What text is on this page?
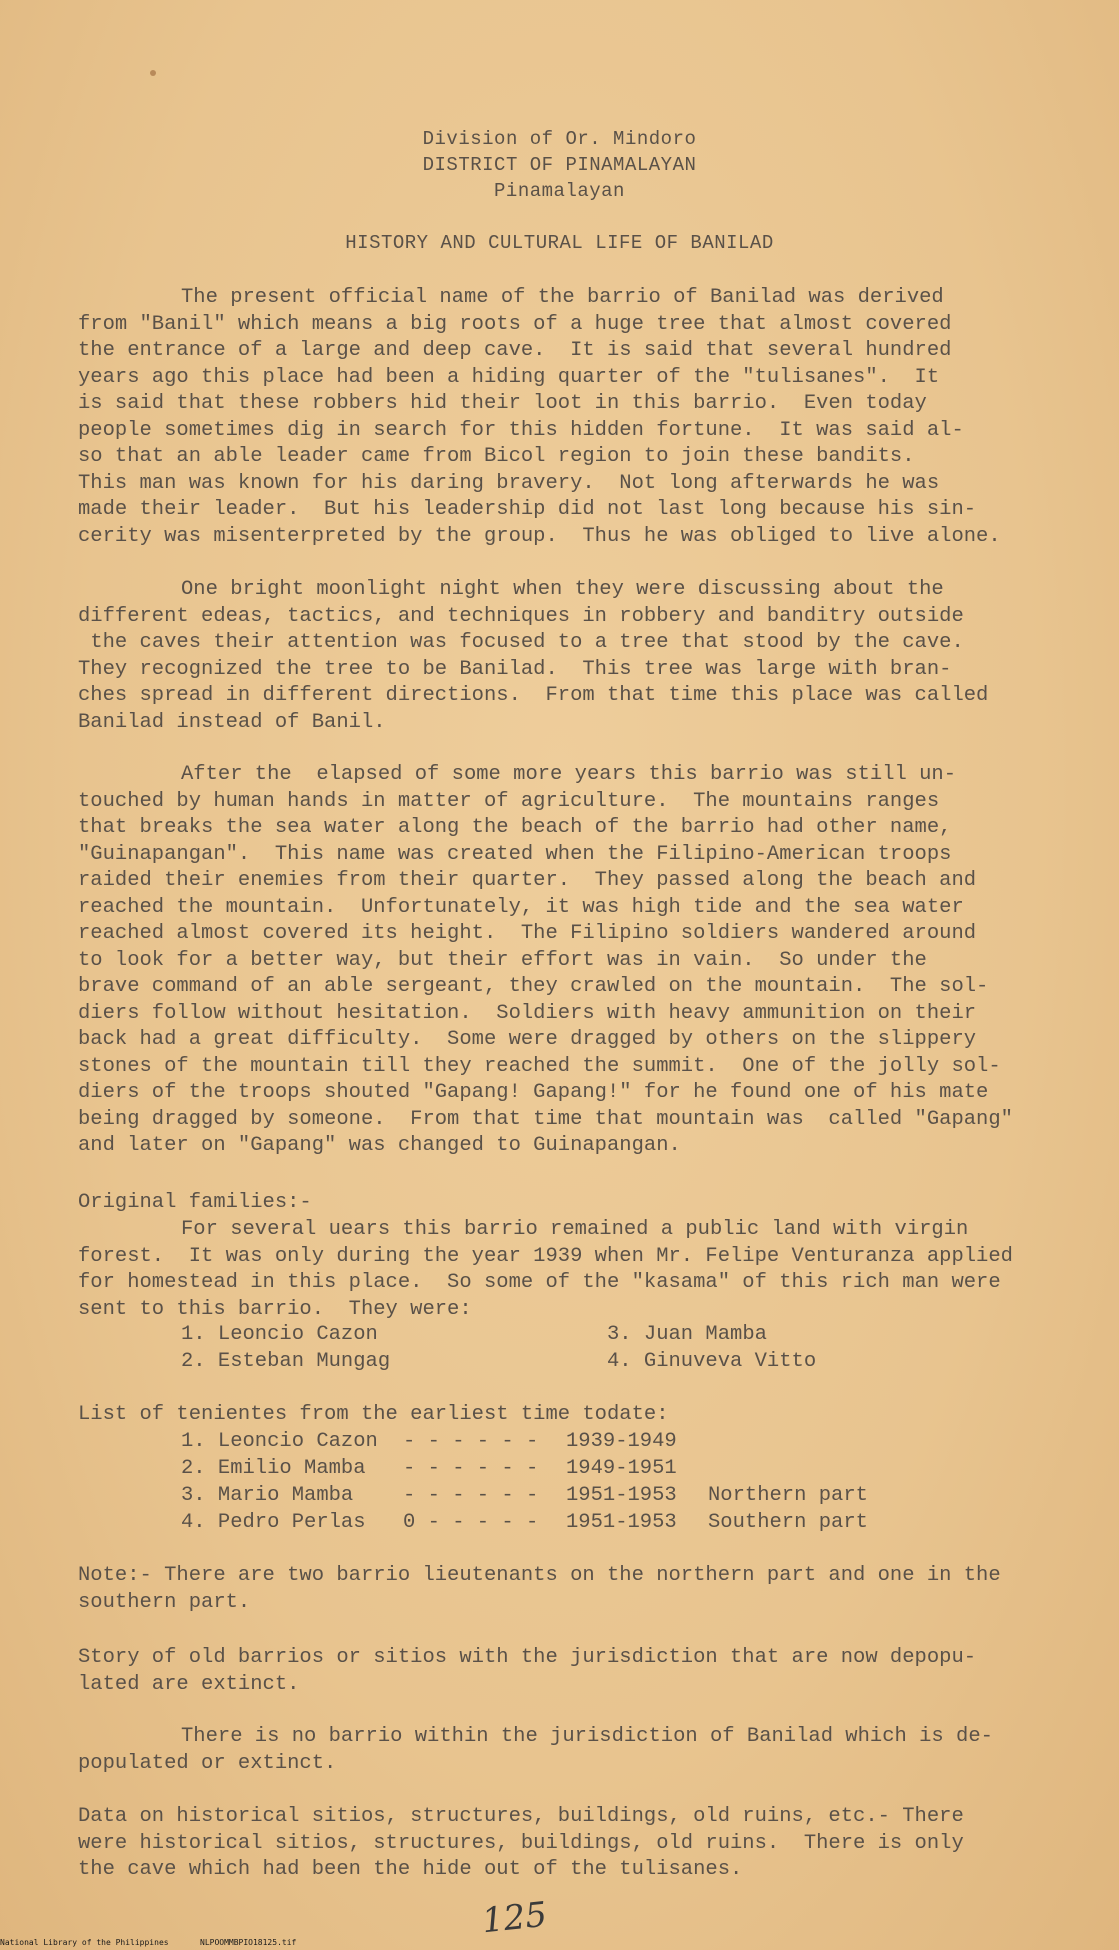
Division of Or. Mindoro
DISTRICT OF PINAMALAYAN
Pinamalayan
HISTORY AND CULTURAL LIFE OF BANILAD
The present official name of the barrio of Banilad was derived
from "Banil" which means a big roots of a huge tree that almost covered
the entrance of a large and deep cave.  It is said that several hundred
years ago this place had been a hiding quarter of the "tulisanes".  It
is said that these robbers hid their loot in this barrio.  Even today
people sometimes dig in search for this hidden fortune.  It was said al-
so that an able leader came from Bicol region to join these bandits.
This man was known for his daring bravery.  Not long afterwards he was
made their leader.  But his leadership did not last long because his sin-
cerity was misenterpreted by the group.  Thus he was obliged to live alone.
One bright moonlight night when they were discussing about the
different edeas, tactics, and techniques in robbery and banditry outside
the caves their attention was focused to a tree that stood by the cave.
They recognized the tree to be Banilad.  This tree was large with bran-
ches spread in different directions.  From that time this place was called
Banilad instead of Banil.
After the  elapsed of some more years this barrio was still un-
touched by human hands in matter of agriculture.  The mountains ranges
that breaks the sea water along the beach of the barrio had other name,
"Guinapangan".  This name was created when the Filipino-American troops
raided their enemies from their quarter.  They passed along the beach and
reached the mountain.  Unfortunately, it was high tide and the sea water
reached almost covered its height.  The Filipino soldiers wandered around
to look for a better way, but their effort was in vain.  So under the
brave command of an able sergeant, they crawled on the mountain.  The sol-
diers follow without hesitation.  Soldiers with heavy ammunition on their
back had a great difficulty.  Some were dragged by others on the slippery
stones of the mountain till they reached the summit.  One of the jolly sol-
diers of the troops shouted "Gapang! Gapang!" for he found one of his mate
being dragged by someone.  From that time that mountain was  called "Gapang"
and later on "Gapang" was changed to Guinapangan.
Original families:-
For several uears this barrio remained a public land with virgin
forest.  It was only during the year 1939 when Mr. Felipe Venturanza applied
for homestead in this place.  So some of the "kasama" of this rich man were
sent to this barrio.  They were:
1. Leoncio Cazon
2. Esteban Mungag
3. Juan Mamba
4. Ginuveva Vitto
List of tenientes from the earliest time todate:
1. Leoncio Cazon - - - - - - 1939-1949
2. Emilio Mamba - - - - - - 1949-1951
3. Mario Mamba - - - - - - 1951-1953 Northern part
4. Pedro Perlas 0 - - - - - 1951-1953 Southern part
Note:- There are two barrio lieutenants on the northern part and one in the
southern part.
Story of old barrios or sitios with the jurisdiction that are now depopu-
lated are extinct.
There is no barrio within the jurisdiction of Banilad which is de-
populated or extinct.
Data on historical sitios, structures, buildings, old ruins, etc.- There
were historical sitios, structures, buildings, old ruins.  There is only
the cave which had been the hide out of the tulisanes.
125
National Library of the Philippines	NLPOOMMBPIO18125.tif
